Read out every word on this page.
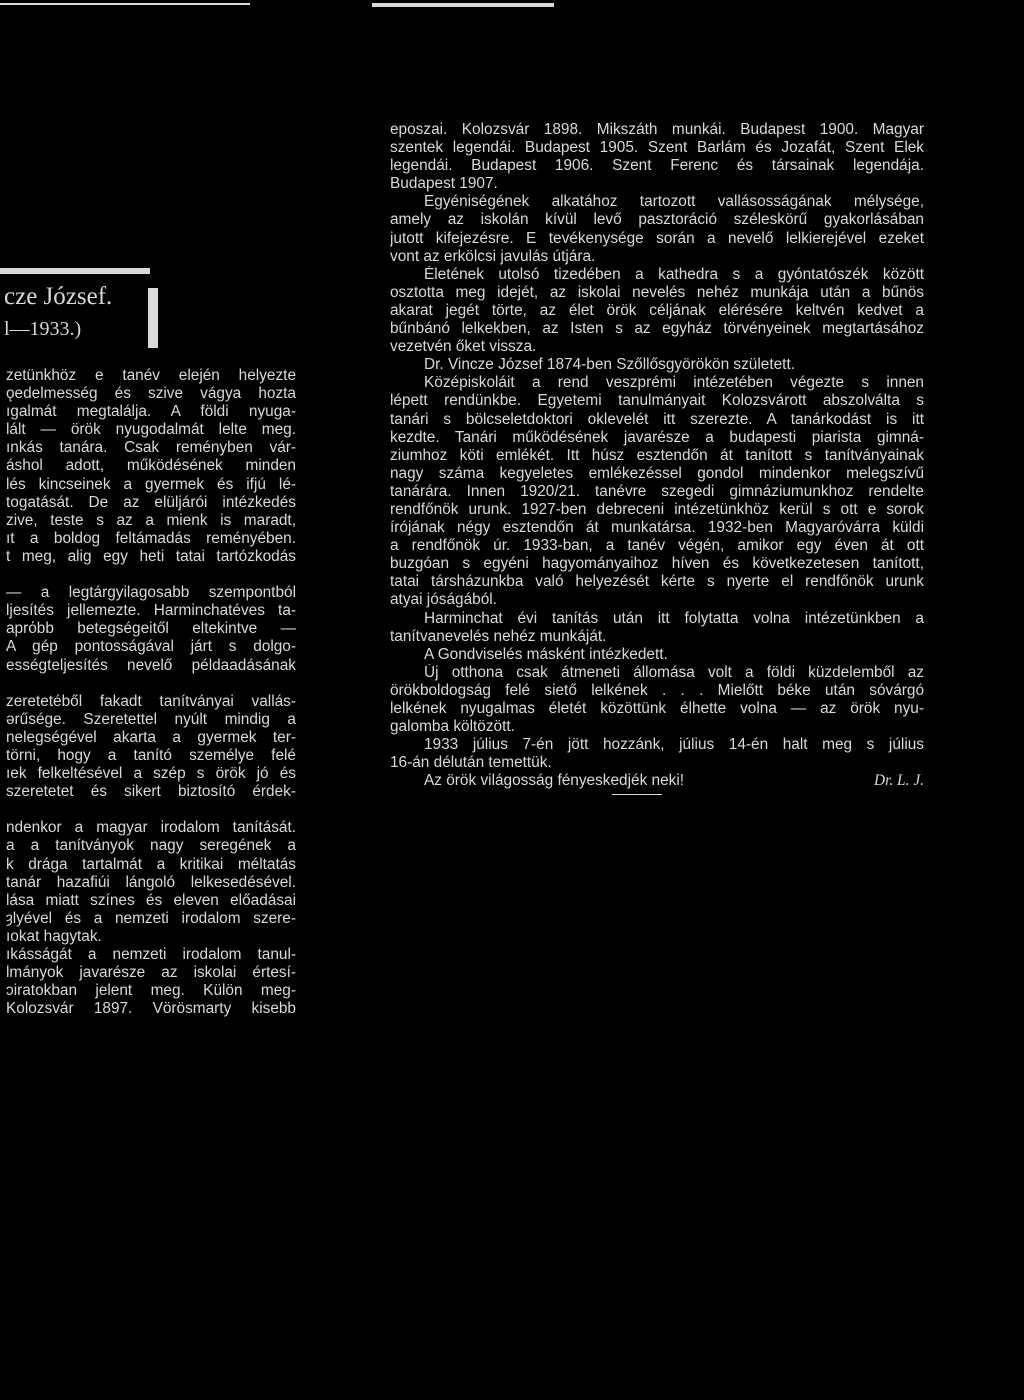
cze József.
l—1933.)
zetünkhöz e tanév elején helyezte
ǫedelmesség és szive vágya hozta
ıgalmát megtalálja. A földi nyuga-
lált — örök nyugodalmát lelte meg.
ınkás tanára. Csak reményben vár-
áshol adott, működésének minden
lés kincseinek a gyermek és ifjú lé-
togatását. De az elüljárói intézkedés
zive, teste s az a mienk is maradt,
ıt a boldog feltámadás reményében.
t meg, alig egy heti tatai tartózkodás
— a legtárgyilagosabb szempontból
ljesítés jellemezte. Harminchatéves ta-
aprόbb betegségeitől eltekintve —
A gép pontosságával járt s dolgo-
ességteljesítés nevelő példaadásának
zeretetéből fakadt tanítványai vallás-
ərűsége. Szeretettel nyúlt mindig a
nelegségével akarta a gyermek ter-
törni, hogy a tanító személye felé
ıek felkeltésével a szép s örök jó és
szeretetet és sikert biztosító érdek-
ndenkor a magyar irodalom tanítását.
a a tanítványok nagy seregének a
k drága tartalmát a kritikai méltatás
tanár hazafiúi lángoló lelkesedésével.
lása miatt színes és eleven előadásai
ȝlyével és a nemzeti irodalom szere-
ıokat hagytak.
ıkásságát a nemzeti irodalom tanul-
lmányok javarésze az iskolai értesí-
ɔiratokban jelent meg. Külön meg-
Kolozsvár 1897. Vörösmarty kisebb
eposzai. Kolozsvár 1898. Mikszáth munkái. Budapest 1900. Magyar
szentek legendái. Budapest 1905. Szent Barlám és Jozafát, Szent Elek
legendái. Budapest 1906. Szent Ferenc és társainak legendája.
Budapest 1907.
Egyéniségének alkatához tartozott vallásosságának mélysége,
amely az iskolán kívül levő pasztoráció széleskörű gyakorlásában
jutott kifejezésre. E tevékenysége során a nevelő lelkierejével ezeket
vont az erkölcsi javulás útjára.
Életének utolsó tizedében a kathedra s a gyóntatószék között
osztotta meg idejét, az iskolai nevelés nehéz munkája után a bűnös
akarat jegét törte, az élet örök céljának elérésére keltvén kedvet a
bűnbánó lelkekben, az Isten s az egyház törvényeinek megtartásához
vezetvén őket vissza.
Dr. Vincze József 1874-ben Szőllősgyörökön született.
Középiskoláit a rend veszprémi intézetében végezte s innen
lépett rendünkbe. Egyetemi tanulmányait Kolozsvárott abszolválta s
tanári s bölcseletdoktori oklevelét itt szerezte. A tanárkodást is itt
kezdte. Tanári működésének javarésze a budapesti piarista gimná-
ziumhoz köti emlékét. Itt húsz esztendőn át tanított s tanítványainak
nagy száma kegyeletes emlékezéssel gondol mindenkor melegszívű
tanárára. Innen 1920/21. tanévre szegedi gimnáziumunkhoz rendelte
rendfőnök urunk. 1927-ben debreceni intézetünkhöz kerül s ott e sorok
írójának négy esztendőn át munkatársa. 1932-ben Magyaróvárra küldi
a rendfőnök úr. 1933-ban, a tanév végén, amikor egy éven át ott
buzgóan s egyéni hagyományaihoz híven és következetesen tanított,
tatai társházunkba való helyezését kérte s nyerte el rendfőnök urunk
atyai jóságából.
Harminchat évi tanítás után itt folytatta volna intézetünkben a
tanítvanevelés nehéz munkáját.
A Gondviselés másként intézkedett.
Új otthona csak átmeneti állomása volt a földi küzdelemből az
örökboldogság felé siető lelkének . . . Mielőtt béke után sóvárgó
lelkének nyugalmas életét közöttünk élhette volna — az örök nyu-
galomba költözött.
1933 július 7-én jött hozzánk, július 14-én halt meg s július
16-án délután temettük.
Az örök világosság fényeskedjék neki!	Dr. L. J.
